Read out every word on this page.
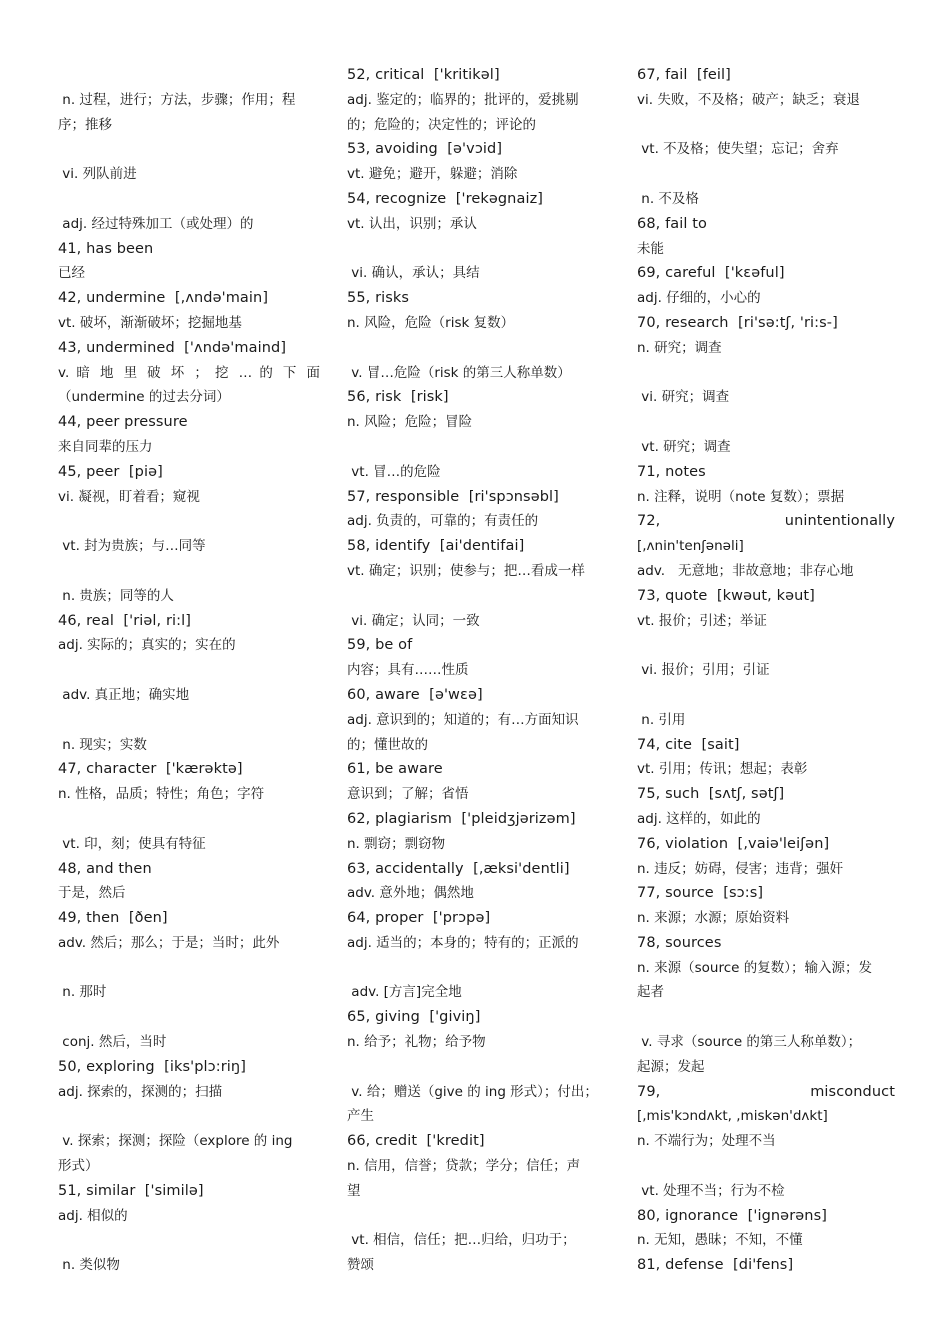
n. 过程，进行；方法，步骤；作用；程
序；推移
vi. 列队前进
adj. 经过特殊加工（或处理）的
41, has been
已经
42, undermine  [,ʌndə'main]
vt. 破坏，渐渐破坏；挖掘地基
43, undermined  ['ʌndə'maind]
v. 暗 地 里 破 坏 ； 挖 … 的 下 面
（undermine 的过去分词）
44, peer pressure
来自同辈的压力
45, peer  [piə]
vi. 凝视，盯着看；窥视
vt. 封为贵族；与…同等
n. 贵族；同等的人
46, real  ['riəl, ri:l]
adj. 实际的；真实的；实在的
adv. 真正地；确实地
n. 现实；实数
47, character  ['kærəktə]
n. 性格，品质；特性；角色；字符
vt. 印，刻；使具有特征
48, and then
于是，然后
49, then  [ðen]
adv. 然后；那么；于是；当时；此外
n. 那时
conj. 然后，当时
50, exploring  [iks'plɔ:riŋ]
adj. 探索的，探测的；扫描
v. 探索；探测；探险（explore 的 ing
形式）
51, similar  ['similə]
adj. 相似的
n. 类似物
52, critical  ['kritikəl]
adj. 鉴定的；临界的；批评的，爱挑剔
的；危险的；决定性的；评论的
53, avoiding  [ə'vɔid]
vt. 避免；避开，躲避；消除
54, recognize  ['rekəgnaiz]
vt. 认出，识别；承认
vi. 确认，承认；具结
55, risks
n. 风险，危险（risk 复数）
v. 冒…危险（risk 的第三人称单数）
56, risk  [risk]
n. 风险；危险；冒险
vt. 冒…的危险
57, responsible  [ri'spɔnsəbl]
adj. 负责的，可靠的；有责任的
58, identify  [ai'dentifai]
vt. 确定；识别；使参与；把…看成一样
vi. 确定；认同；一致
59, be of
内容；具有……性质
60, aware  [ə'wɛə]
adj. 意识到的；知道的；有…方面知识
的；懂世故的
61, be aware
意识到；了解；省悟
62, plagiarism  ['pleidʒjərizəm]
n. 剽窃；剽窃物
63, accidentally  [,æksi'dentli]
adv. 意外地；偶然地
64, proper  ['prɔpə]
adj. 适当的；本身的；特有的；正派的
adv. [方言]完全地
65, giving  ['giviŋ]
n. 给予；礼物；给予物
v. 给；赠送（give 的 ing 形式）；付出；
产生
66, credit  ['kredit]
n. 信用，信誉；贷款；学分；信任；声
望
vt. 相信，信任；把…归给，归功于；
赞颂
67, fail  [feil]
vi. 失败，不及格；破产；缺乏；衰退
vt. 不及格；使失望；忘记；舍弃
n. 不及格
68, fail to
未能
69, careful  ['kɛəful]
adj. 仔细的，小心的
70, research  [ri'sə:tʃ, 'ri:s-]
n. 研究；调查
vi. 研究；调查
vt. 研究；调查
71, notes
n. 注释，说明（note 复数）；票据
72, unintentionally
[,ʌnin'tenʃənəli]
adv.   无意地；非故意地；非存心地
73, quote  [kwəut, kəut]
vt. 报价；引述；举证
vi. 报价；引用；引证
n. 引用
74, cite  [sait]
vt. 引用；传讯；想起；表彰
75, such  [sʌtʃ, sətʃ]
adj. 这样的，如此的
76, violation  [,vaiə'leiʃən]
n. 违反；妨碍，侵害；违背；强奸
77, source  [sɔ:s]
n. 来源；水源；原始资料
78, sources
n. 来源（source 的复数）；输入源；发
起者
v. 寻求（source 的第三人称单数）；
起源；发起
79, misconduct
[,mis'kɔndʌkt, ,miskən'dʌkt]
n. 不端行为；处理不当
vt. 处理不当；行为不检
80, ignorance  ['ignərəns]
n. 无知，愚昧；不知，不懂
81, defense  [di'fens]
